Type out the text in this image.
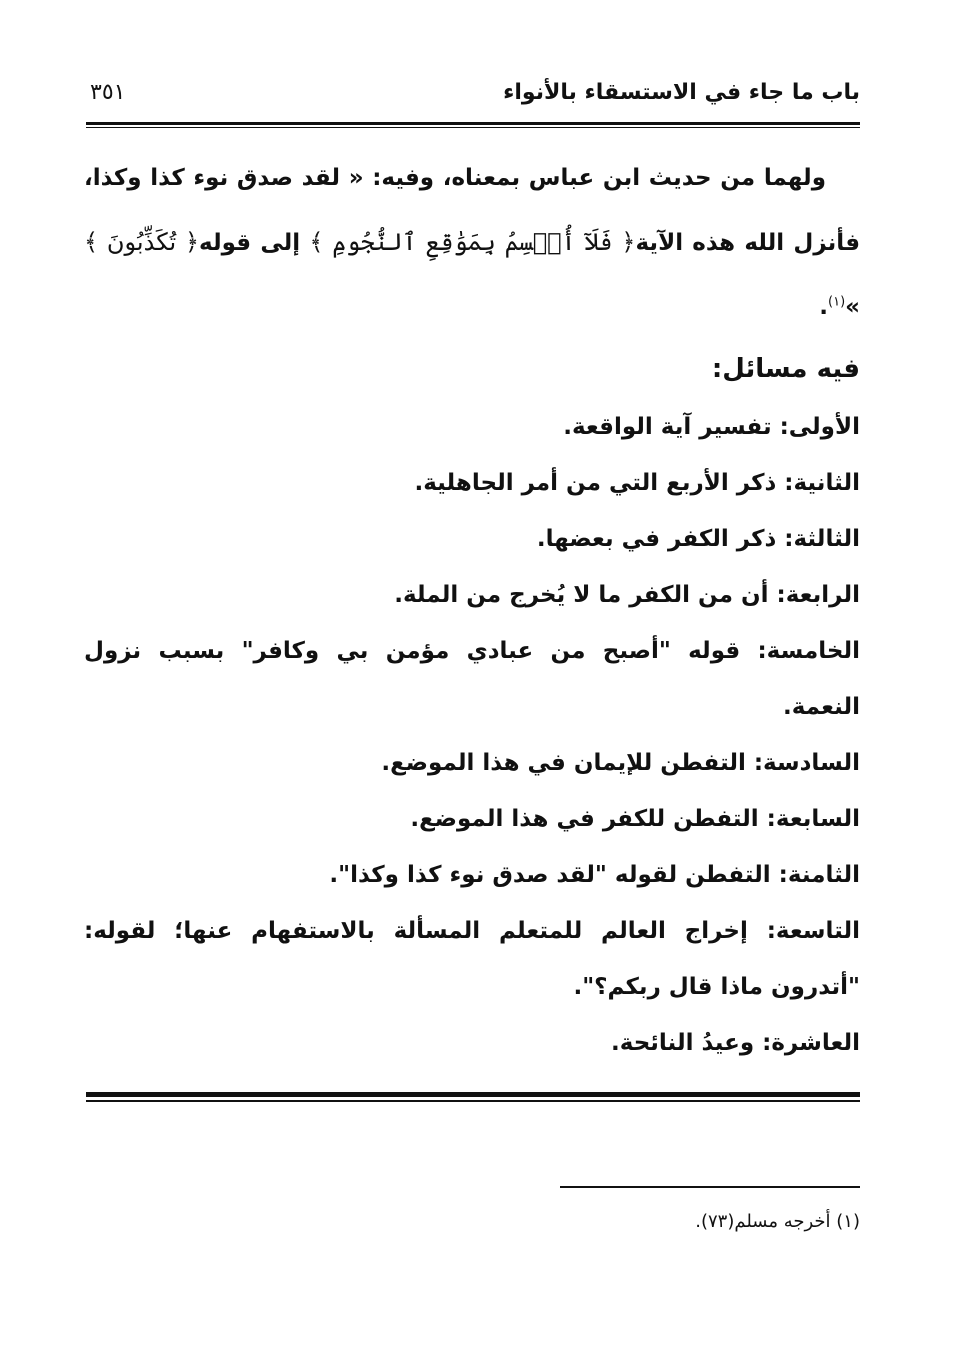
باب ما جاء في الاستسقاء بالأنواء
٣٥١

ولهما من حديث ابن عباس بمعناه، وفيه: « لقد صدق نوء كذا وكذا، فأنزل الله هذه الآية﴿ فَلَآ أُقۡسِمُ بِمَوَٰقِعِ ٱلنُّجُومِ ﴾ إلى قوله﴿ تُكَذِّبُونَ ﴾ »$^{(١)}$.

فيه مسائل:

الأولى: تفسير آية الواقعة.
الثانية: ذكر الأربع التي من أمر الجاهلية.
الثالثة: ذكر الكفر في بعضها.
الرابعة: أن من الكفر ما لا يُخرج من الملة.
الخامسة: قوله "أصبح من عبادي مؤمن بي وكافر" بسبب نزول النعمة.
السادسة: التفطن للإيمان في هذا الموضع.
السابعة: التفطن للكفر في هذا الموضع.
الثامنة: التفطن لقوله "لقد صدق نوء كذا وكذا".
التاسعة: إخراج العالم للمتعلم المسألة بالاستفهام عنها؛ لقوله: "أتدرون ماذا قال ربكم؟".
العاشرة: وعيدُ النائحة.
(١) أخرجه مسلم(٧٣).
